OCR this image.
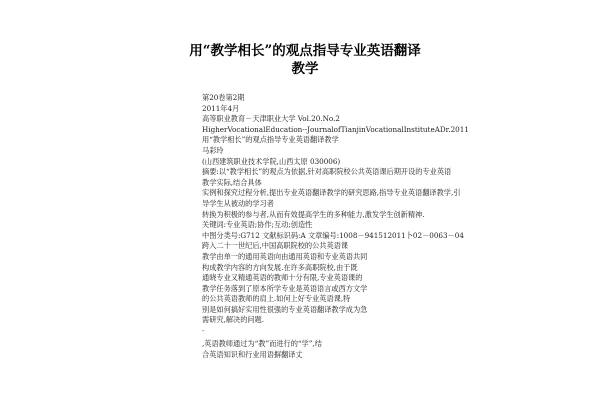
用“教学相长”的观点指导专业英语翻译
教学
第20卷第2期
2011年4月
高等职业教育－天津职业大学 Vol.20.No.2
HigherVocationalEducation--JournalofTianjinVocationalInstituteADr.2011
用“教学相长”的观点指导专业英语翻译教学
马彩玲
(山西建筑职业技术学院,山西太原 030006)
摘要:以“教学相长”的观点为依据,针对高职院校公共英语课后期开设的专业英语
教学实际,结合具体
实例和探究过程分析,提出专业英语翻译教学的研究思路,指导专业英语翻译教学,引
导学生从被动的学习者
转换为积极的参与者,从而有效提高学生的多种能力,激发学生创新精神.
关键词:专业英语;协作;互动;创造性
中图分类号:G712 文献标识码:A 文章编号:1008－941512011卜02－0063－04
跨入二十一世纪后,中国高职院校的公共英语课
教学由单一的通用英语向由通用英语和专业英语共同
构成教学内容的方向发展.在许多高职院校,由于既
通晓专业又精通英语的教师十分有限,专业英语课的
教学任务落到了原本所学专业是英语语言或西方文学
的公共英语教师的肩上.如何上好专业英语课,特
别是如何搞好实用性很强的专业英语翻译教学成为急
需研究,解决的问题.
-
,英语教师通过为“教”而进行的“学”,结
合英语知识和行业用语摒翻译丈
